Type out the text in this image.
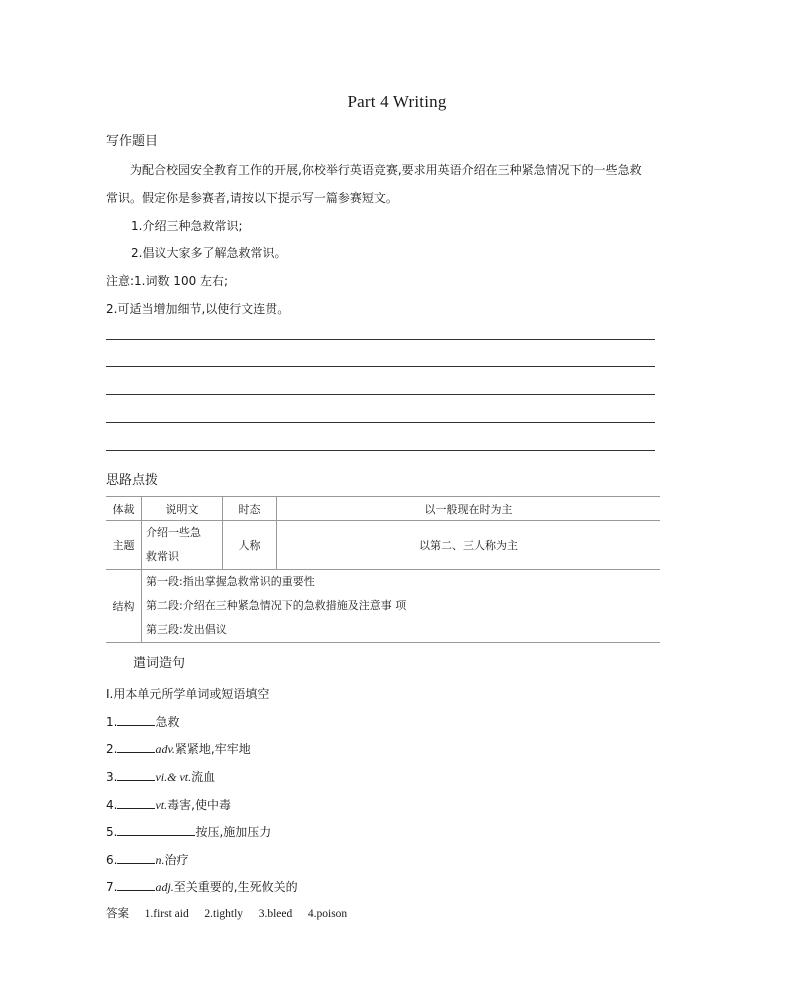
Part 4 Writing
写作题目
为配合校园安全教育工作的开展,你校举行英语竞赛,要求用英语介绍在三种紧急情况下的一些急救
常识。假定你是参赛者,请按以下提示写一篇参赛短文。
1.介绍三种急救常识;
2.倡议大家多了解急救常识。
注意:1.词数 100 左右;
2.可适当增加细节,以使行文连贯。
思路点拨
体裁	说明文	时态	以一般现在时为主
主题	介绍一些急
救常识	人称	以第二、三人称为主
结构	第一段:指出掌握急救常识的重要性
第二段:介绍在三种紧急情况下的急救措施及注意事 项
第三段:发出倡议		
遣词造句
Ⅰ.用本单元所学单词或短语填空
1.	急救
2.	adv.紧紧地,牢牢地
3.	vi.& vt.流血
4.	vt.毒害,使中毒
5.	按压,施加压力
6.	n.治疗
7.	adj.至关重要的,生死攸关的
答案 1.first aid 2.tightly 3.bleed 4.poison
